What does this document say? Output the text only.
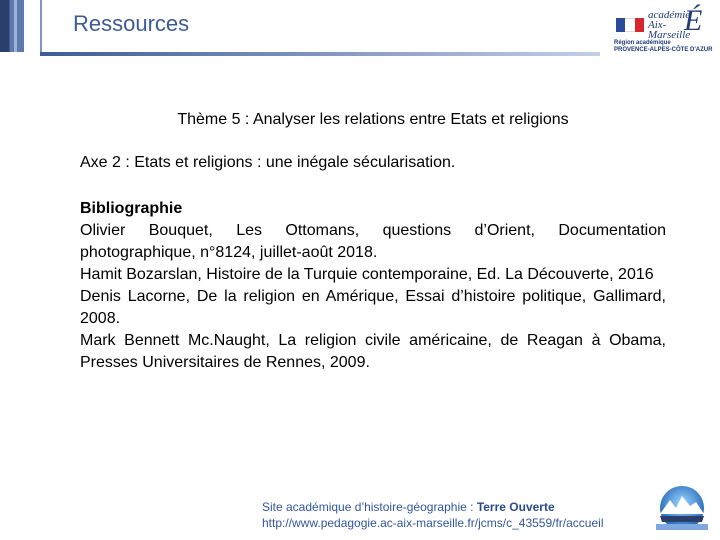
Ressources	académie
Aix-Marseille
É
Région académique
PROVENCE-ALPES-CÔTE D'AZUR
Thème 5 : Analyser les relations entre Etats et religions
Axe 2 : Etats et religions : une inégale sécularisation.
Bibliographie
Olivier Bouquet, Les Ottomans, questions d’Orient, Documentation photographique, n°8124, juillet-août 2018.
Hamit Bozarslan, Histoire de la Turquie contemporaine, Ed. La Découverte, 2016
Denis Lacorne, De la religion en Amérique, Essai d’histoire politique, Gallimard, 2008.
Mark Bennett Mc.Naught, La religion civile américaine, de Reagan à Obama, Presses Universitaires de Rennes, 2009.
Site académique d’histoire-géographie : Terre Ouverte
http://www.pedagogie.ac-aix-marseille.fr/jcms/c_43559/fr/accueil
